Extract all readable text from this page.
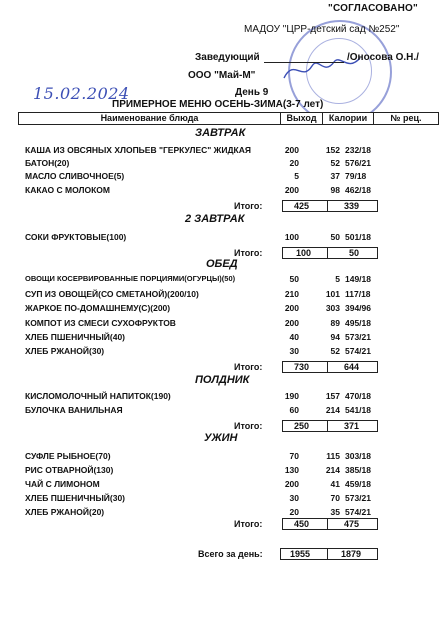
"СОГЛАСОВАНО"
МАДОУ "ЦРР-детский сад №252"
Заведующий	/Оносова О.Н./
ООО "Май-М"
15.02.2024	День 9
ПРИМЕРНОЕ МЕНЮ ОСЕНЬ-ЗИМА(3-7 лет)
Наименование блюда	Выход	Калории	№ рец.
ЗАВТРАК
КАША ИЗ ОВСЯНЫХ ХЛОПЬЕВ "ГЕРКУЛЕС" ЖИДКАЯ	200	152 232/18
БАТОН(20)	20	52 576/21
МАСЛО СЛИВОЧНОЕ(5)	5	37 79/18
КАКАО С МОЛОКОМ	200	98 462/18
Итого:	425	339
2 ЗАВТРАК
СОКИ ФРУКТОВЫЕ(100)	100	50 501/18
Итого:	100	50
ОБЕД
ОВОЩИ КОСЕРВИРОВАННЫЕ ПОРЦИЯМИ(ОГУРЦЫ)(50)	50	5 149/18
СУП ИЗ ОВОЩЕЙ(СО СМЕТАНОЙ)(200/10)	210	101 117/18
ЖАРКОЕ ПО-ДОМАШНЕМУ(С)(200)	200	303 394/96
КОМПОТ ИЗ СМЕСИ СУХОФРУКТОВ	200	89 495/18
ХЛЕБ ПШЕНИЧНЫЙ(40)	40	94 573/21
ХЛЕБ РЖАНОЙ(30)	30	52 574/21
Итого:	730	644
ПОЛДНИК
КИСЛОМОЛОЧНЫЙ НАПИТОК(190)	190	157 470/18
БУЛОЧКА ВАНИЛЬНАЯ	60	214 541/18
Итого:	250	371
УЖИН
СУФЛЕ РЫБНОЕ(70)	70	115 303/18
РИС ОТВАРНОЙ(130)	130	214 385/18
ЧАЙ С ЛИМОНОМ	200	41 459/18
ХЛЕБ ПШЕНИЧНЫЙ(30)	30	70 573/21
ХЛЕБ РЖАНОЙ(20)	20	35 574/21
Итого:	450	475
Всего за день:	1955	1879
